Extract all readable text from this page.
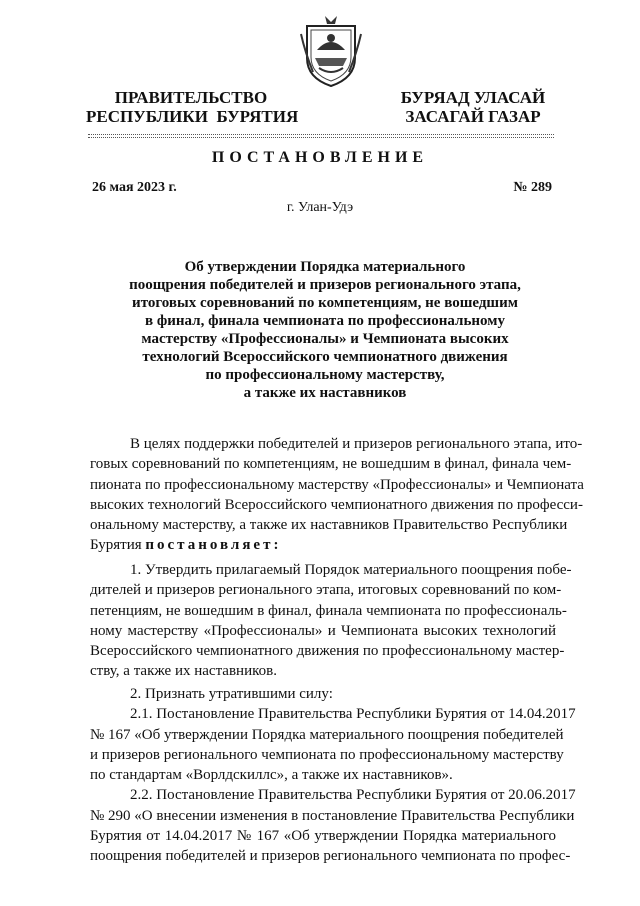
ПРАВИТЕЛЬСТВО
РЕСПУБЛИКИ  БУРЯТИЯ
БУРЯАД УЛАСАЙ
ЗАСАГАЙ ГАЗАР
ПОСТАНОВЛЕНИЕ
26 мая 2023 г.	№ 289
г. Улан-Удэ
Об утверждении Порядка материального
поощрения победителей и призеров регионального этапа,
итоговых соревнований по компетенциям, не вошедшим
в финал, финала чемпионата по профессиональному
мастерству «Профессионалы» и Чемпионата высоких
технологий Всероссийского чемпионатного движения
по профессиональному мастерству,
а также их наставников
В целях поддержки победителей и призеров регионального этапа, ито-
говых соревнований по компетенциям, не вошедшим в финал, финала чем-
пионата по профессиональному мастерству «Профессионалы» и Чемпионата
высоких технологий Всероссийского чемпионатного движения по професси-
ональному мастерству, а также их наставников Правительство Республики
Бурятия постановляет:
1. Утвердить прилагаемый Порядок материального поощрения побе-
дителей и призеров регионального этапа, итоговых соревнований по ком-
петенциям, не вошедшим в финал, финала чемпионата по профессиональ-
ному мастерству «Профессионалы» и Чемпионата высоких технологий
Всероссийского чемпионатного движения по профессиональному мастер-
ству, а также их наставников.
2. Признать утратившими силу:
2.1. Постановление Правительства Республики Бурятия от 14.04.2017
№ 167 «Об утверждении Порядка материального поощрения победителей
и призеров регионального чемпионата по профессиональному мастерству
по стандартам «Ворлдскиллс», а также их наставников».
2.2. Постановление Правительства Республики Бурятия от 20.06.2017
№ 290 «О внесении изменения в постановление Правительства Республики
Бурятия от 14.04.2017 № 167 «Об утверждении Порядка материального
поощрения победителей и призеров регионального чемпионата по профес-
